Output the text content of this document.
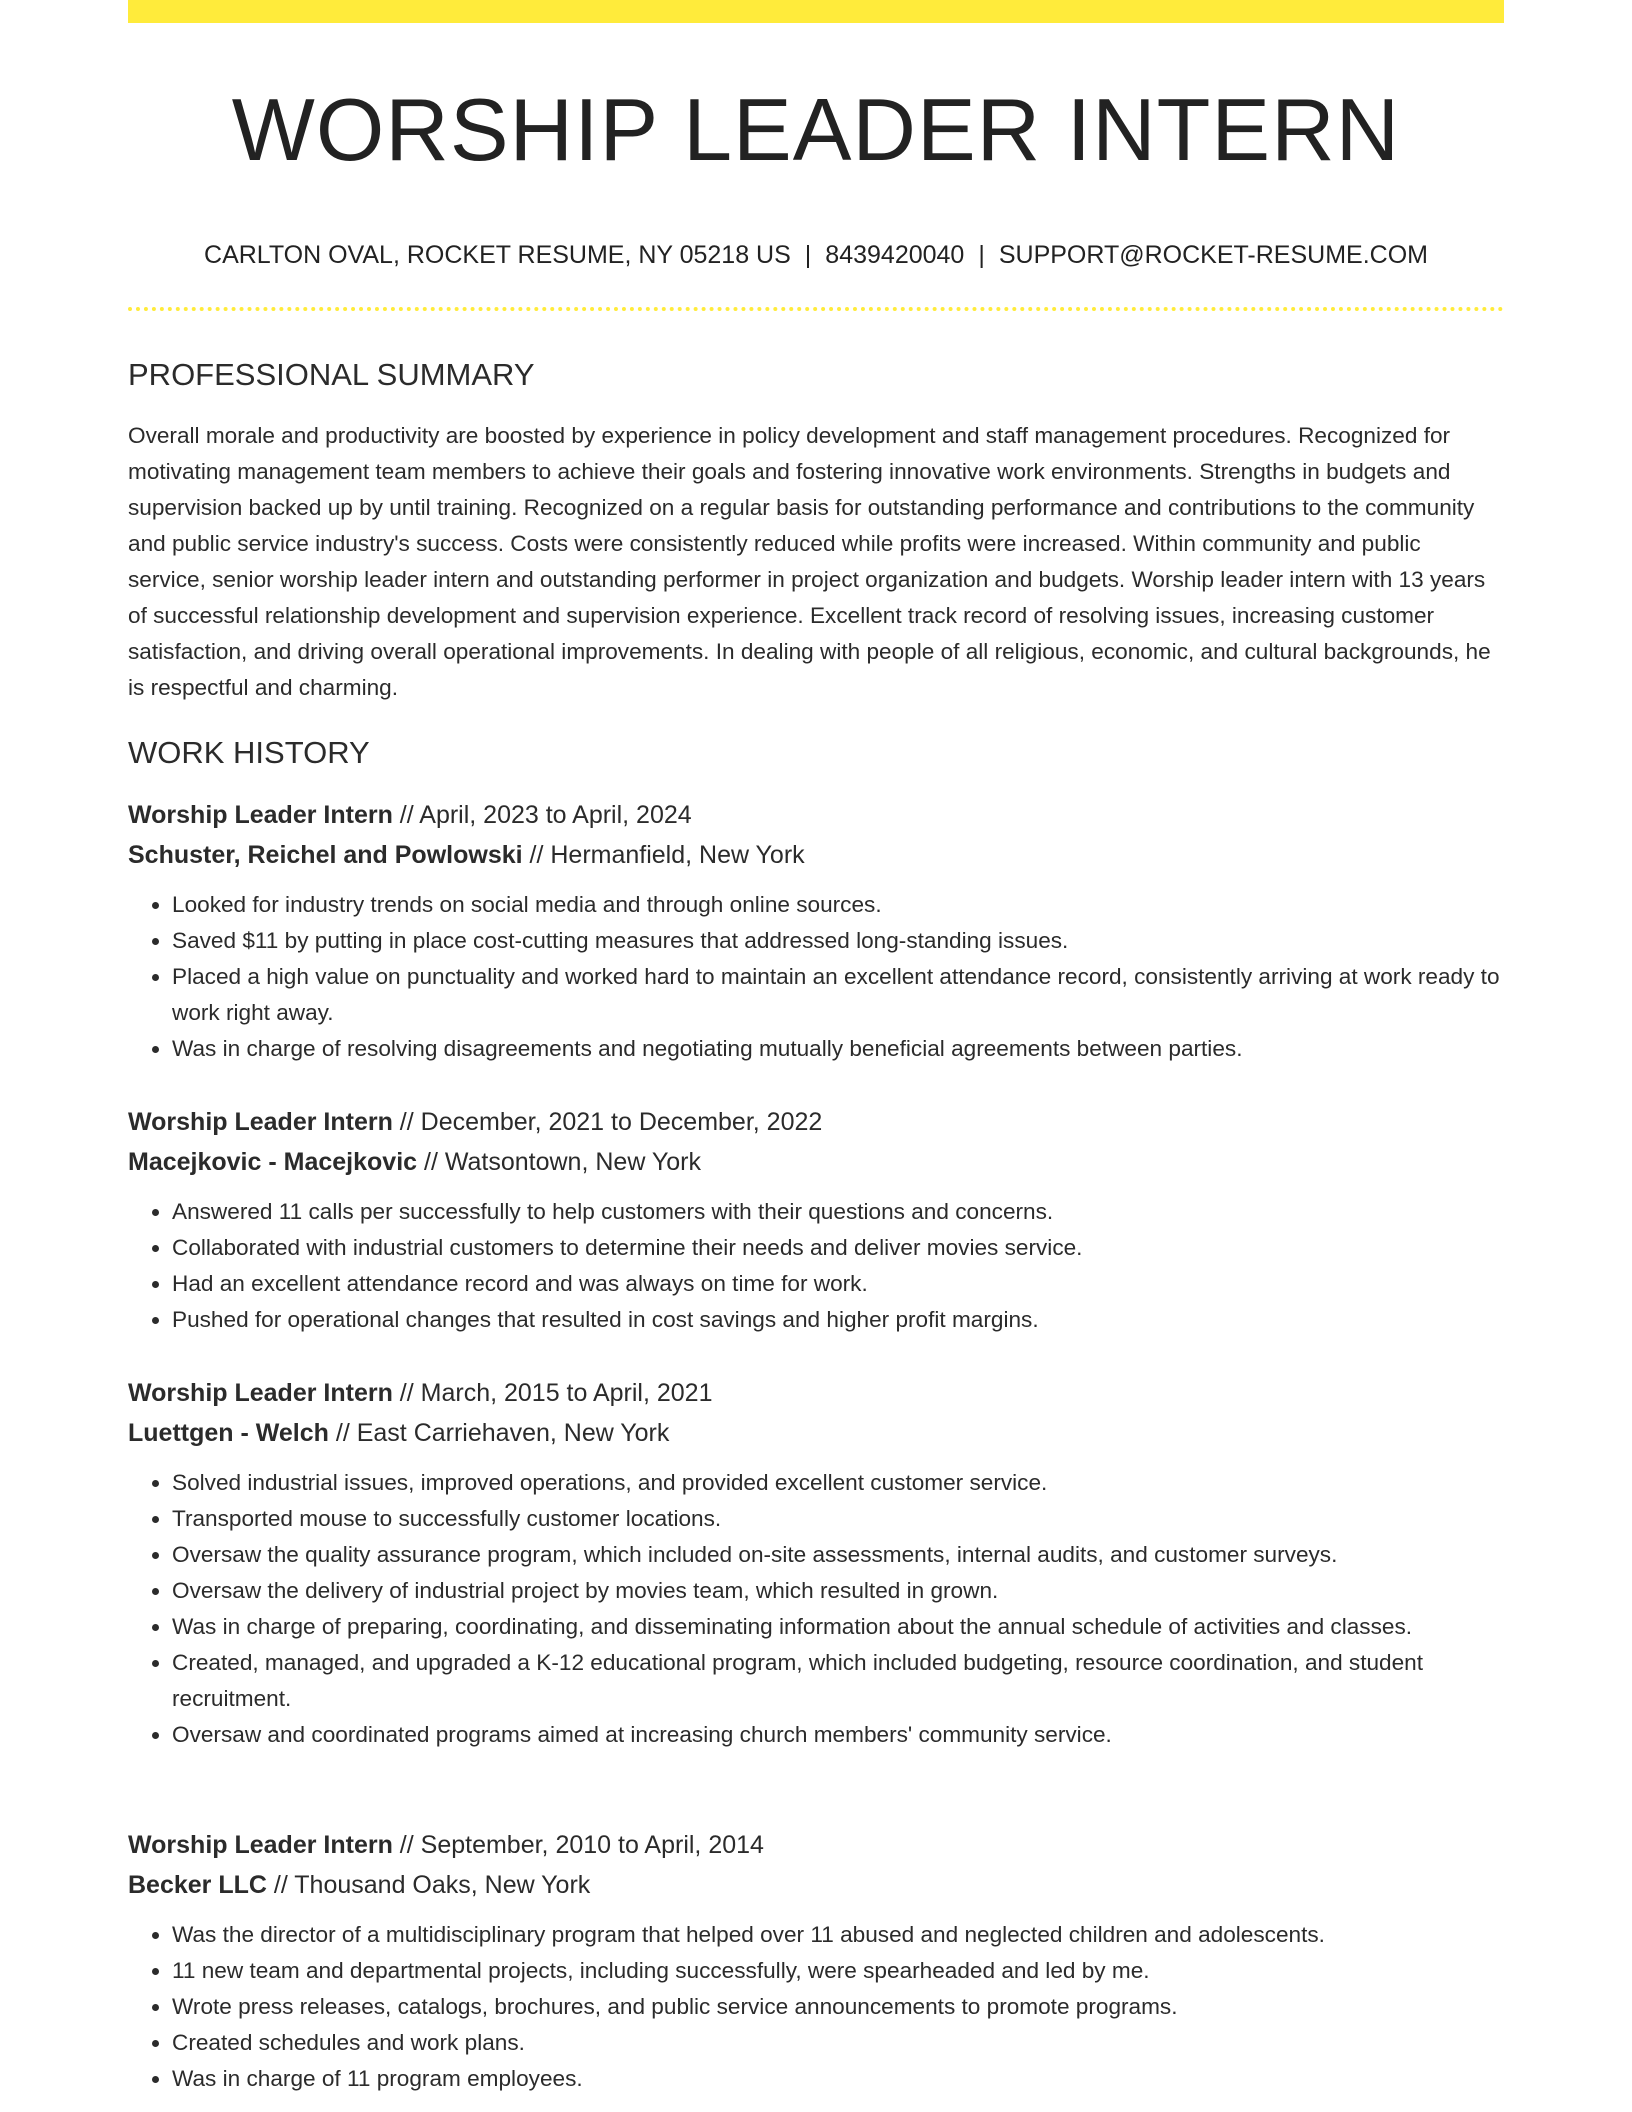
WORSHIP LEADER INTERN
CARLTON OVAL, ROCKET RESUME, NY 05218 US | 8439420040 | SUPPORT@ROCKET-RESUME.COM
PROFESSIONAL SUMMARY

Overall morale and productivity are boosted by experience in policy development and staff management procedures. Recognized for motivating management team members to achieve their goals and fostering innovative work environments. Strengths in budgets and supervision backed up by until training. Recognized on a regular basis for outstanding performance and contributions to the community and public service industry's success. Costs were consistently reduced while profits were increased. Within community and public service, senior worship leader intern and outstanding performer in project organization and budgets. Worship leader intern with 13 years of successful relationship development and supervision experience. Excellent track record of resolving issues, increasing customer satisfaction, and driving overall operational improvements. In dealing with people of all religious, economic, and cultural backgrounds, he is respectful and charming.

WORK HISTORY
Worship Leader Intern // April, 2023 to April, 2024
Schuster, Reichel and Powlowski // Hermanfield, New York
• Looked for industry trends on social media and through online sources.
• Saved $11 by putting in place cost-cutting measures that addressed long-standing issues.
• Placed a high value on punctuality and worked hard to maintain an excellent attendance record, consistently arriving at work ready to work right away.
• Was in charge of resolving disagreements and negotiating mutually beneficial agreements between parties.
Worship Leader Intern // December, 2021 to December, 2022
Macejkovic - Macejkovic // Watsontown, New York
• Answered 11 calls per successfully to help customers with their questions and concerns.
• Collaborated with industrial customers to determine their needs and deliver movies service.
• Had an excellent attendance record and was always on time for work.
• Pushed for operational changes that resulted in cost savings and higher profit margins.
Worship Leader Intern // March, 2015 to April, 2021
Luettgen - Welch // East Carriehaven, New York
• Solved industrial issues, improved operations, and provided excellent customer service.
• Transported mouse to successfully customer locations.
• Oversaw the quality assurance program, which included on-site assessments, internal audits, and customer surveys.
• Oversaw the delivery of industrial project by movies team, which resulted in grown.
• Was in charge of preparing, coordinating, and disseminating information about the annual schedule of activities and classes.
• Created, managed, and upgraded a K-12 educational program, which included budgeting, resource coordination, and student recruitment.
• Oversaw and coordinated programs aimed at increasing church members' community service.
Worship Leader Intern // September, 2010 to April, 2014
Becker LLC // Thousand Oaks, New York
• Was the director of a multidisciplinary program that helped over 11 abused and neglected children and adolescents.
• 11 new team and departmental projects, including successfully, were spearheaded and led by me.
• Wrote press releases, catalogs, brochures, and public service announcements to promote programs.
• Created schedules and work plans.
• Was in charge of 11 program employees.
